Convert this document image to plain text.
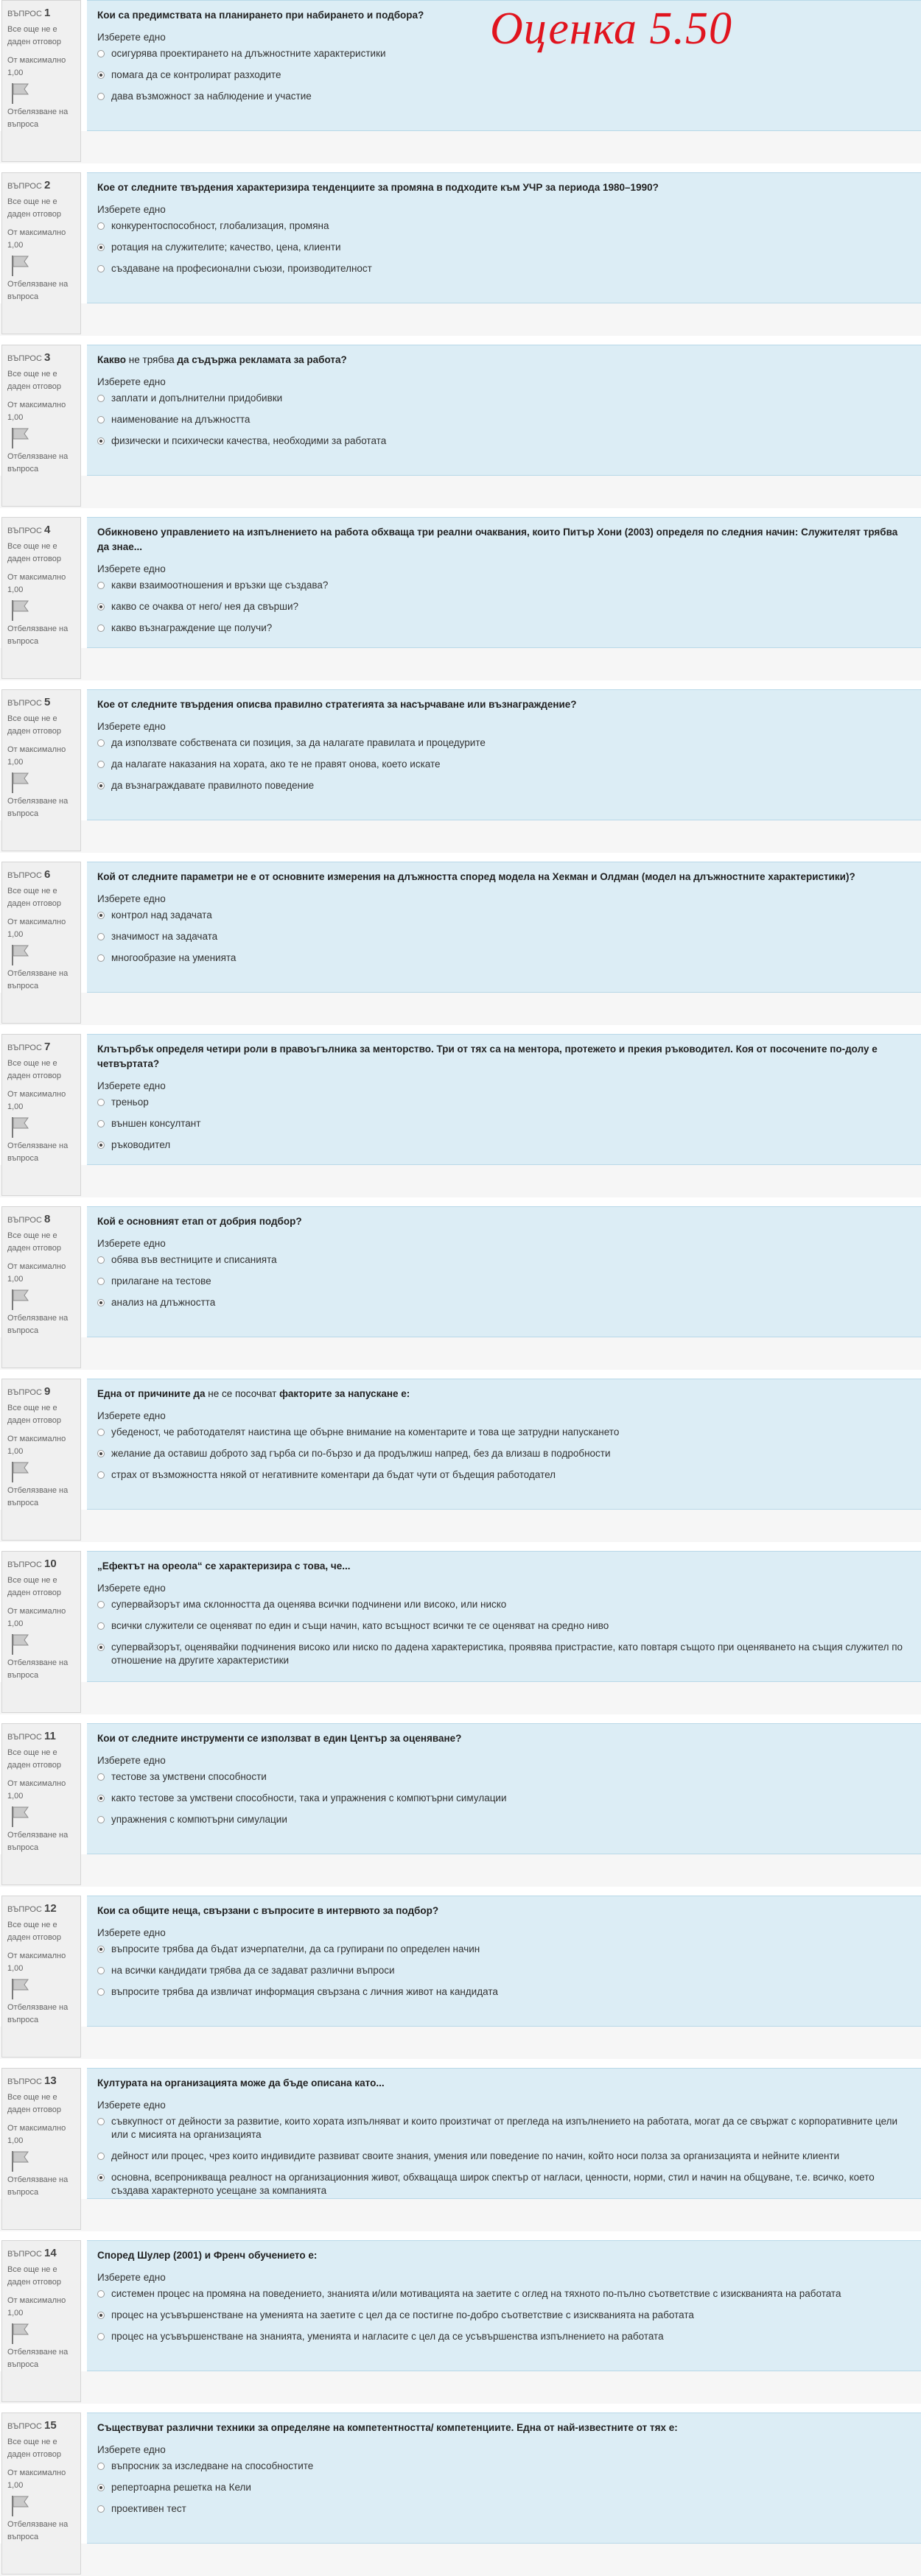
Оценка 5.50
ВЪПРОС 1

Все още не е даден отговор

От максимално

1,00

Отбелязване на въпроса

Кои са предимствата на планирането при набирането и подбора?

Изберете едно

осигурява проектирането на длъжностните характеристики
помага да се контролират разходите
дава възможност за наблюдение и участие
ВЪПРОС 2

Все още не е даден отговор

От максимално

1,00

Отбелязване на въпроса

Кое от следните твърдения характеризира тенденциите за промяна в подходите към УЧР за периода 1980–1990?

Изберете едно

конкурентоспособност, глобализация, промяна
ротация на служителите; качество, цена, клиенти
създаване на професионални съюзи, производителност
ВЪПРОС 3

Все още не е даден отговор

От максимално

1,00

Отбелязване на въпроса

Какво не трябва да съдържа рекламата за работа?

Изберете едно

заплати и допълнителни придобивки
наименование на длъжността
физически и психически качества, необходими за работата
ВЪПРОС 4

Все още не е даден отговор

От максимално

1,00

Отбелязване на въпроса

Обикновено управлението на изпълнението на работа обхваща три реални очаквания, които Питър Хони (2003) определя по следния начин: Служителят трябва да знае...

Изберете едно

какви взаимоотношения и връзки ще създава?
какво се очаква от него/ нея да свърши?
какво възнаграждение ще получи?
ВЪПРОС 5

Все още не е даден отговор

От максимално

1,00

Отбелязване на въпроса

Кое от следните твърдения описва правилно стратегията за насърчаване или възнаграждение?

Изберете едно

да използвате собствената си позиция, за да налагате правилата и процедурите
да налагате наказания на хората, ако те не правят онова, което искате
да възнаграждавате правилното поведение
ВЪПРОС 6

Все още не е даден отговор

От максимално

1,00

Отбелязване на въпроса

Кой от следните параметри не е от основните измерения на длъжността според модела на Хекман и Олдман (модел на длъжностните характеристики)?

Изберете едно

контрол над задачата
значимост на задачата
многообразие на уменията
ВЪПРОС 7

Все още не е даден отговор

От максимално

1,00

Отбелязване на въпроса

Клътърбък определя четири роли в правоъгълника за менторство. Три от тях са на ментора, протежето и прекия ръководител. Коя от посочените по-долу е четвъртата?

Изберете едно

треньор
външен консултант
ръководител
ВЪПРОС 8

Все още не е даден отговор

От максимално

1,00

Отбелязване на въпроса

Кой е основният етап от добрия подбор?

Изберете едно

обява във вестниците и списанията
прилагане на тестове
анализ на длъжността
ВЪПРОС 9

Все още не е даден отговор

От максимално

1,00

Отбелязване на въпроса

Една от причините да не се посочват факторите за напускане е:

Изберете едно

убеденост, че работодателят наистина ще обърне внимание на коментарите и това ще затрудни напускането
желание да оставиш доброто зад гърба си по-бързо и да продължиш напред, без да влизаш в подробности
страх от възможността някой от негативните коментари да бъдат чути от бъдещия работодател
ВЪПРОС 10

Все още не е даден отговор

От максимално

1,00

Отбелязване на въпроса

„Ефектът на ореола“ се характеризира с това, че...

Изберете едно

супервайзорът има склонността да оценява всички подчинени или високо, или ниско
всички служители се оценяват по един и същи начин, като всъщност всички те се оценяват на средно ниво
супервайзорът, оценявайки подчинения високо или ниско по дадена характеристика, проявява пристрастие, като повтаря същото при оценяването на същия служител по отношение на другите характеристики
ВЪПРОС 11

Все още не е даден отговор

От максимално

1,00

Отбелязване на въпроса

Кои от следните инструменти се използват в един Център за оценяване?

Изберете едно

тестове за умствени способности
както тестове за умствени способности, така и упражнения с компютърни симулации
упражнения с компютърни симулации
ВЪПРОС 12

Все още не е даден отговор

От максимално

1,00

Отбелязване на въпроса

Кои са общите неща, свързани с въпросите в интервюто за подбор?

Изберете едно

въпросите трябва да бъдат изчерпателни, да са групирани по определен начин
на всички кандидати трябва да се задават различни въпроси
въпросите трябва да извличат информация свързана с личния живот на кандидата
ВЪПРОС 13

Все още не е даден отговор

От максимално

1,00

Отбелязване на въпроса

Културата на организацията може да бъде описана като...

Изберете едно

съвкупност от дейности за развитие, които хората изпълняват и които произтичат от прегледа на изпълнението на работата, могат да се свържат с корпоративните цели или с мисията на организацията
дейност или процес, чрез които индивидите развиват своите знания, умения или поведение по начин, който носи полза за организацията и нейните клиенти
основна, всепроникваща реалност на организационния живот, обхващаща широк спектър от нагласи, ценности, норми, стил и начин на общуване, т.е. всичко, което създава характерното усещане за компанията
ВЪПРОС 14

Все още не е даден отговор

От максимално

1,00

Отбелязване на въпроса

Според Шулер (2001) и Френч обучението е:

Изберете едно

системен процес на промяна на поведението, знанията и/или мотивацията на заетите с оглед на тяхното по-пълно съответствие с изискванията на работата
процес на усъвършенстване на уменията на заетите с цел да се постигне по-добро съответствие с изискванията на работата
процес на усъвършенстване на знанията, уменията и нагласите с цел да се усъвършенства изпълнението на работата
ВЪПРОС 15

Все още не е даден отговор

От максимално

1,00

Отбелязване на въпроса

Съществуват различни техники за определяне на компетентността/ компетенциите. Една от най-известните от тях е:

Изберете едно

въпросник за изследване на способностите
репертоарна решетка на Кели
проективен тест
